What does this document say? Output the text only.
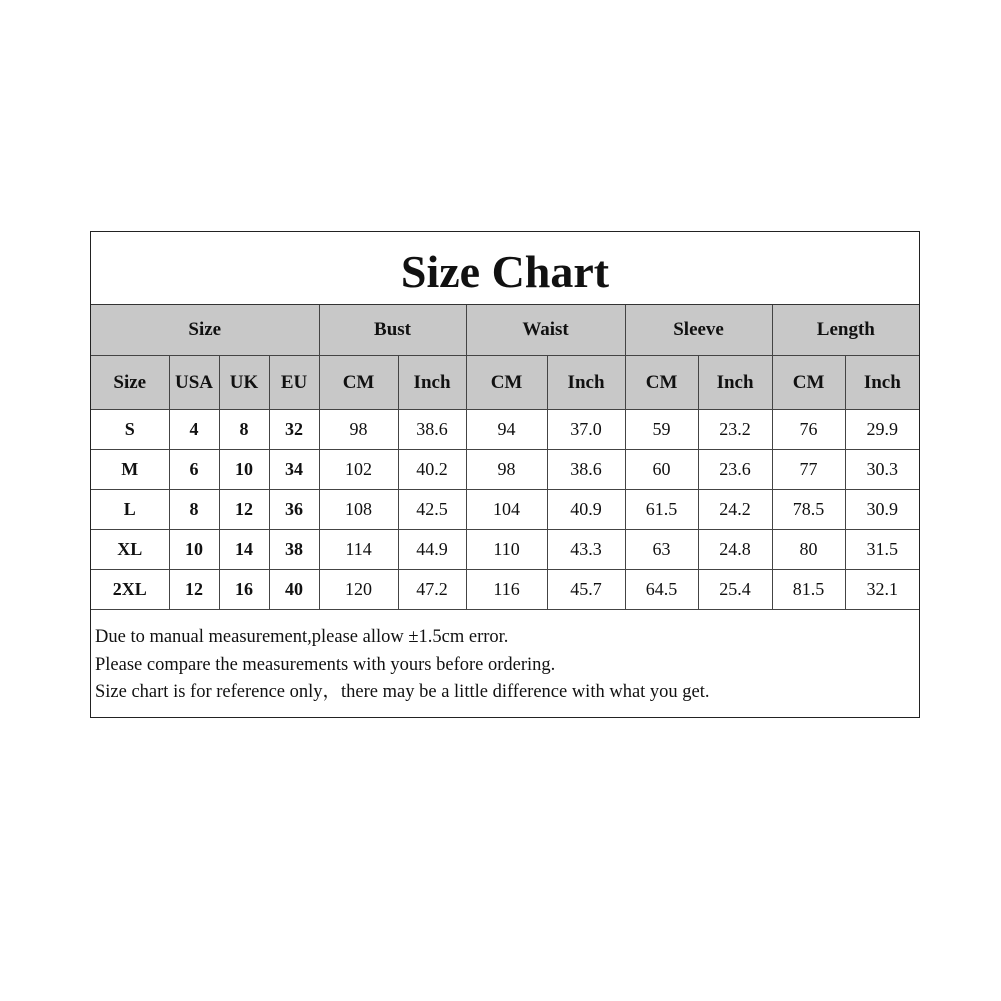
Size Chart
Size				Bust		Waist		Sleeve		Length	
Size	USA	UK	EU	CM	Inch	CM	Inch	CM	Inch	CM	Inch
S	4	8	32	98	38.6	94	37.0	59	23.2	76	29.9
M	6	10	34	102	40.2	98	38.6	60	23.6	77	30.3
L	8	12	36	108	42.5	104	40.9	61.5	24.2	78.5	30.9
XL	10	14	38	114	44.9	110	43.3	63	24.8	80	31.5
2XL	12	16	40	120	47.2	116	45.7	64.5	25.4	81.5	32.1
Due to manual measurement,please allow ±1.5cm error.
Please compare the measurements with yours before ordering.
Size chart is for reference only，there may be a little difference with what you get.
